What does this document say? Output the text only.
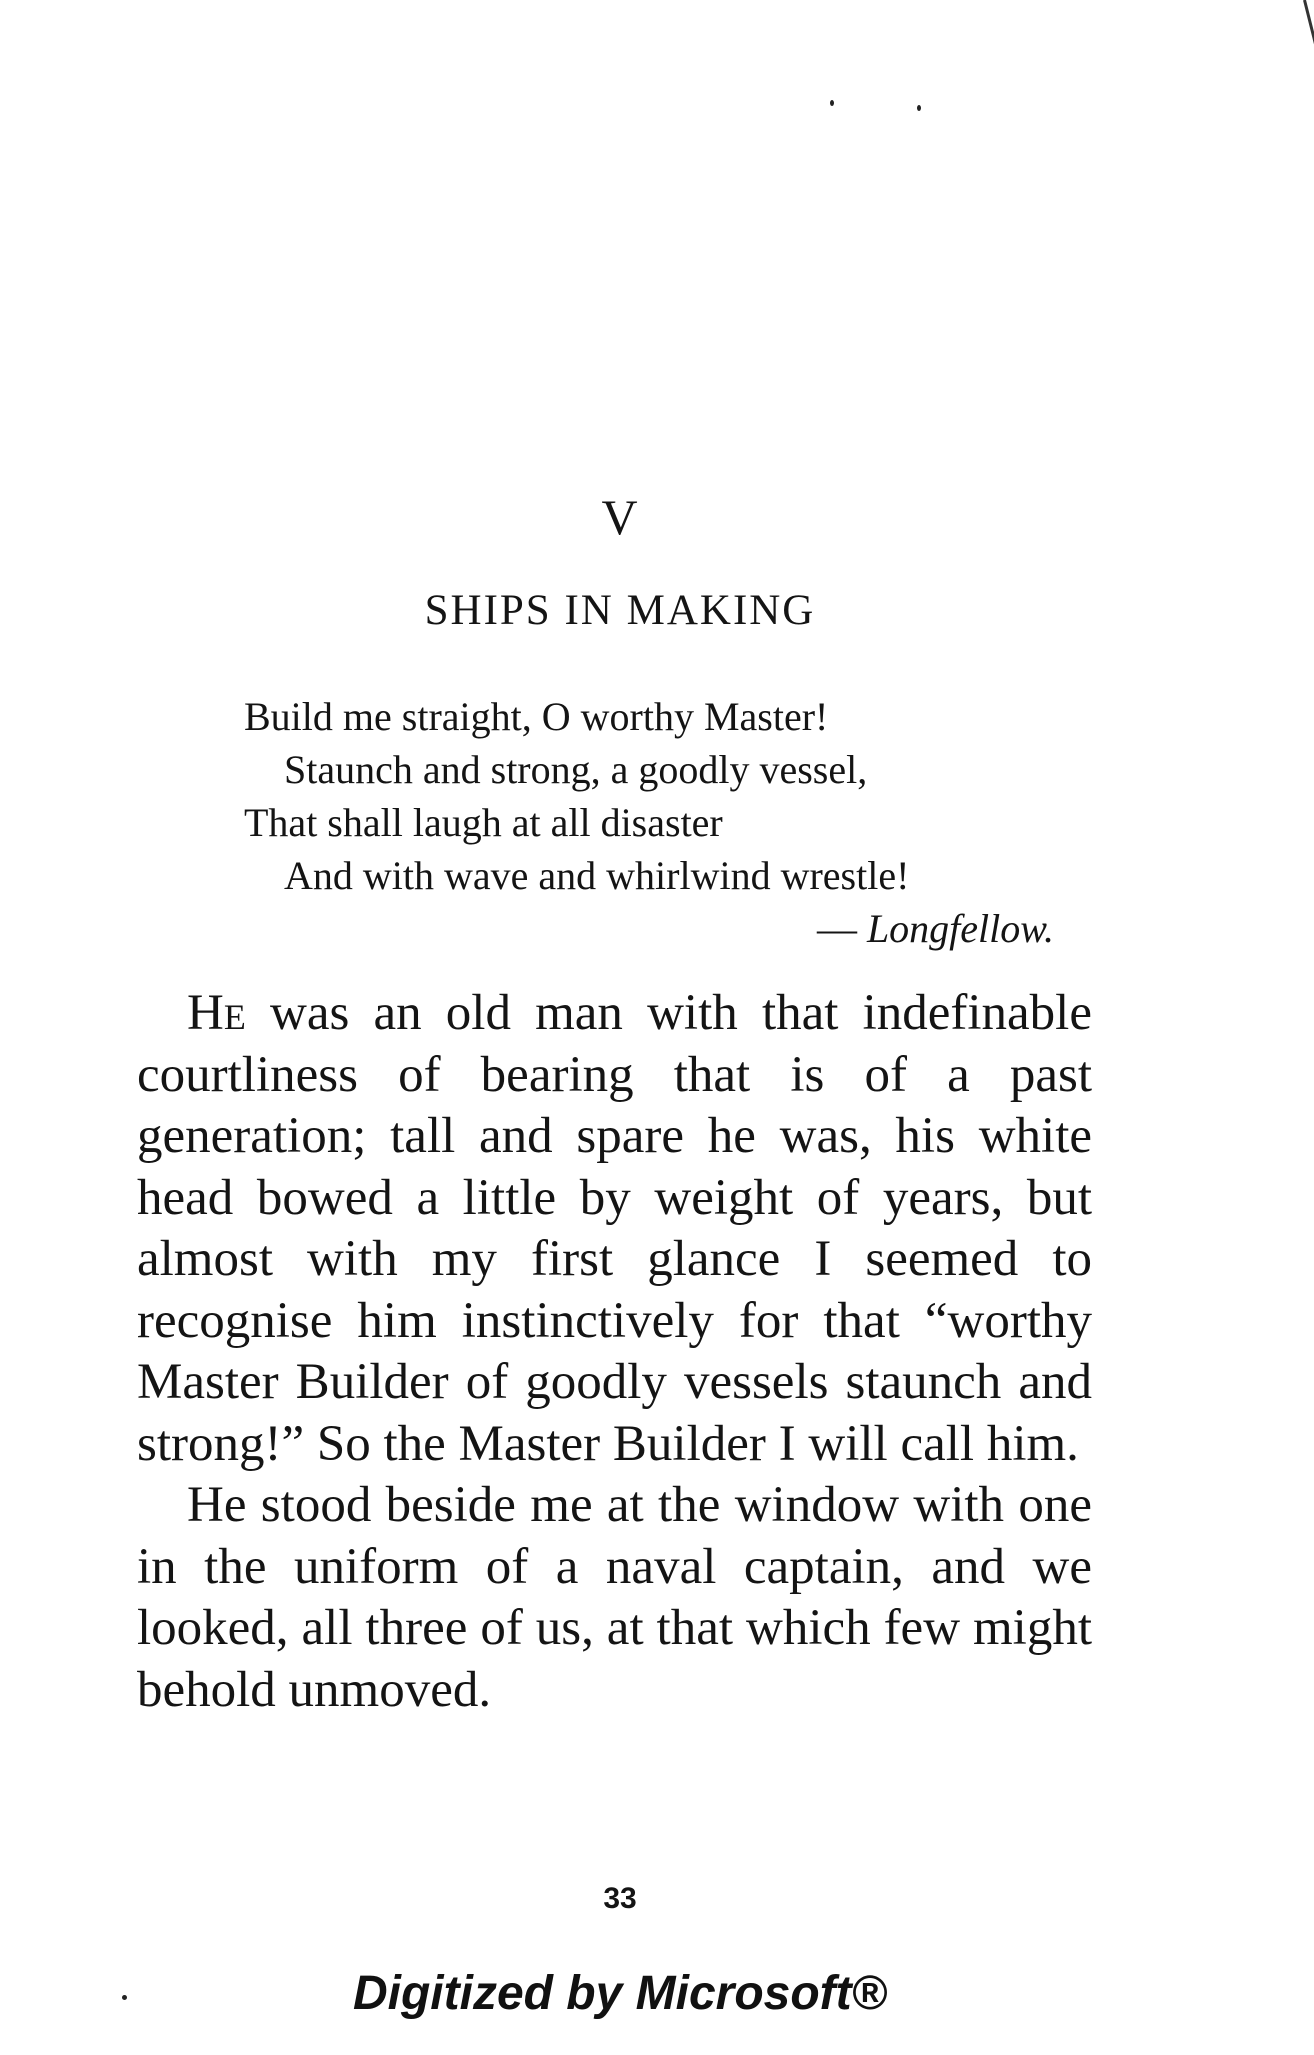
V
SHIPS IN MAKING
Build me straight, O worthy Master!
Staunch and strong, a goodly vessel,
That shall laugh at all disaster
And with wave and whirlwind wrestle!
— Longfellow.

He was an old man with that indefinable courtliness of bearing that is of a past generation; tall and spare he was, his white head bowed a little by weight of years, but almost with my first glance I seemed to recognise him instinctively for that “worthy Master Builder of goodly vessels staunch and strong!” So the Master Builder I will call him.

He stood beside me at the window with one in the uniform of a naval captain, and we looked, all three of us, at that which few might behold unmoved.

33
Digitized by Microsoft®
